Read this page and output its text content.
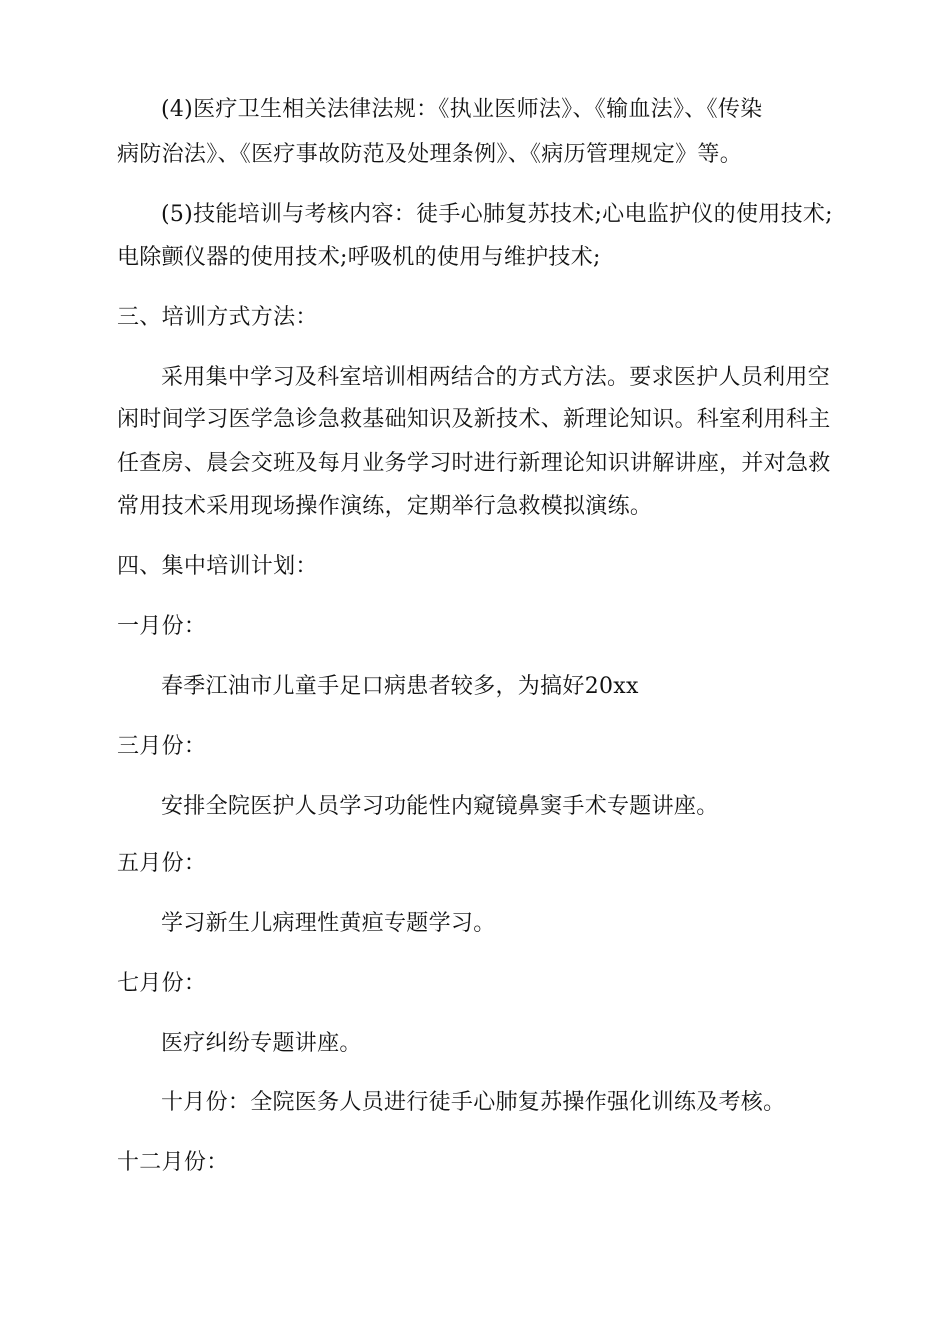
(4)医疗卫生相关法律法规：《执业医师法》、《输血法》、《传染
病防治法》、《医疗事故防范及处理条例》、《病历管理规定》等。
(5)技能培训与考核内容：徒手心肺复苏技术;心电监护仪的使用技术;
电除颤仪器的使用技术;呼吸机的使用与维护技术;
三、培训方式方法：
采用集中学习及科室培训相两结合的方式方法。要求医护人员利用空
闲时间学习医学急诊急救基础知识及新技术、新理论知识。科室利用科主
任查房、晨会交班及每月业务学习时进行新理论知识讲解讲座，并对急救
常用技术采用现场操作演练，定期举行急救模拟演练。
四、集中培训计划：
一月份：
春季江油市儿童手足口病患者较多，为搞好20xx
三月份：
安排全院医护人员学习功能性内窥镜鼻窦手术专题讲座。
五月份：
学习新生儿病理性黄疸专题学习。
七月份：
医疗纠纷专题讲座。
十月份：全院医务人员进行徒手心肺复苏操作强化训练及考核。
十二月份：
